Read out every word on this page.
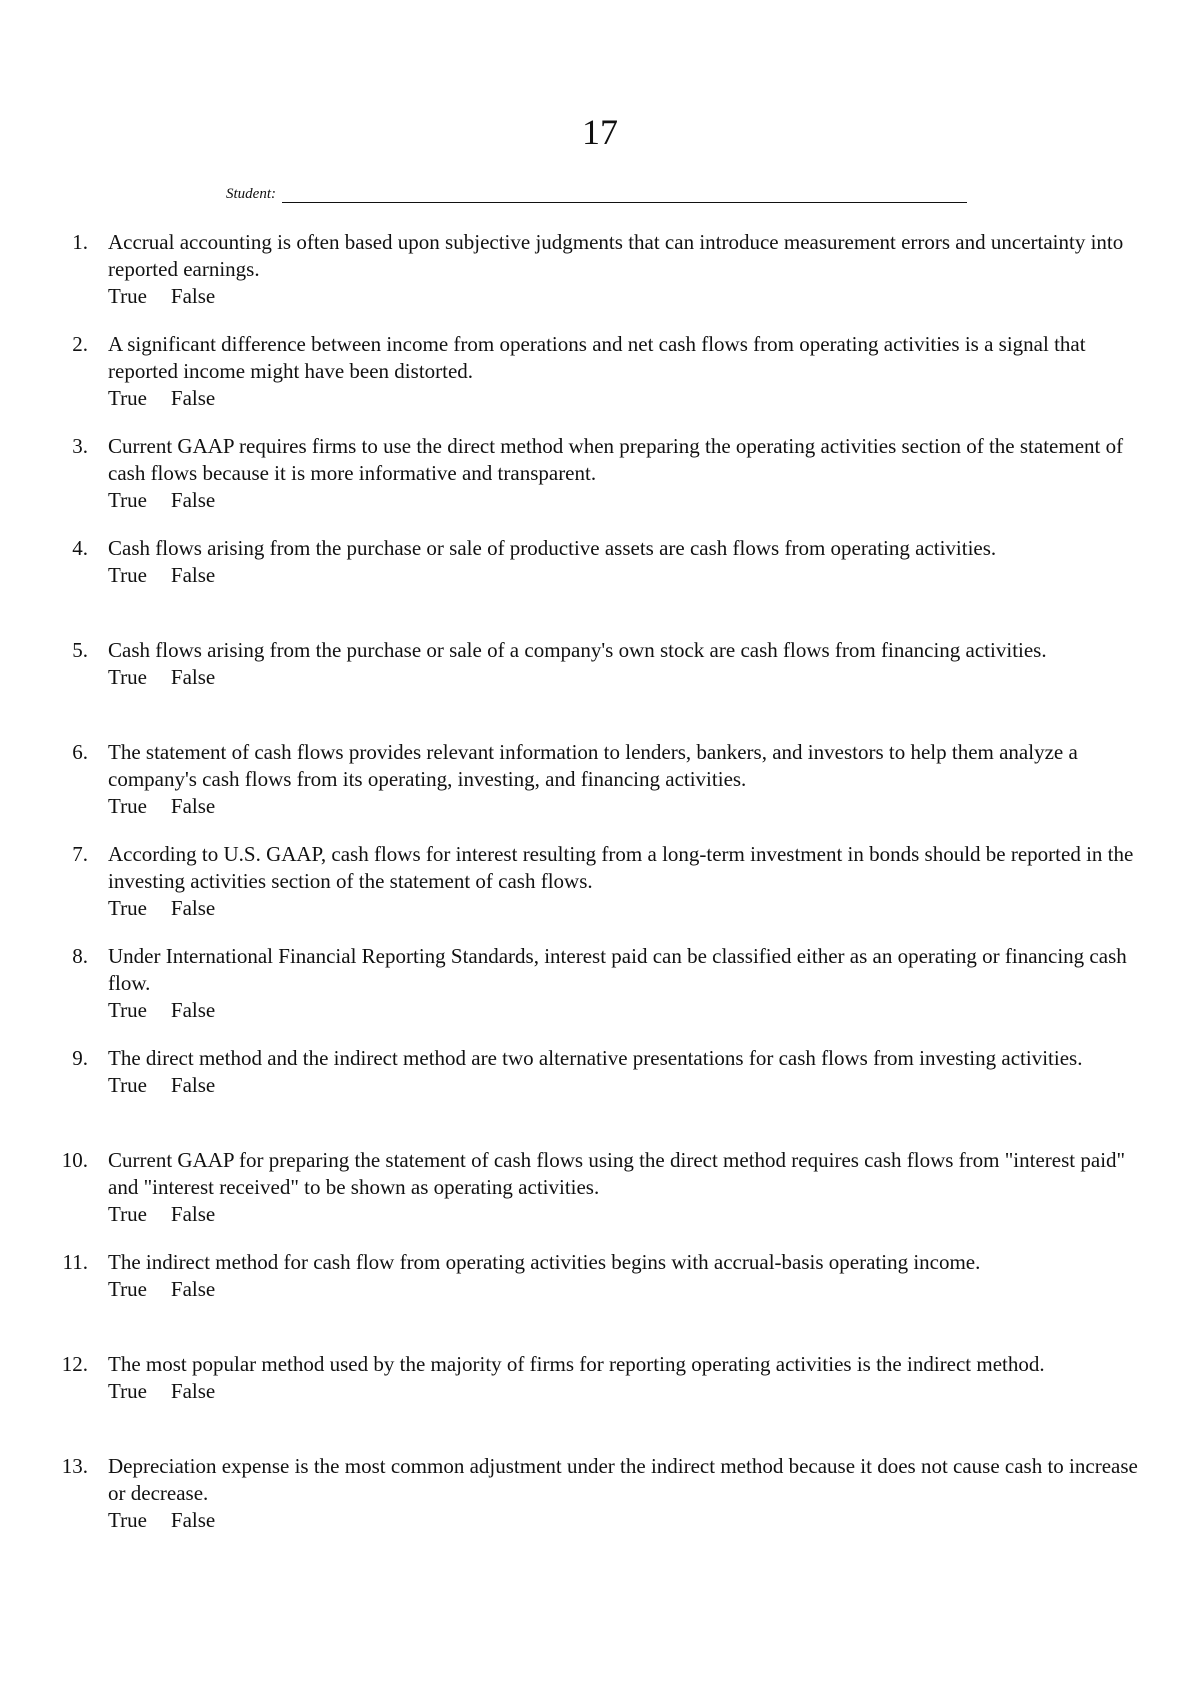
17
Student:
1. Accrual accounting is often based upon subjective judgments that can introduce measurement errors and uncertainty into reported earnings.

True False
2. A significant difference between income from operations and net cash flows from operating activities is a signal that reported income might have been distorted.

True False
3. Current GAAP requires firms to use the direct method when preparing the operating activities section of the statement of cash flows because it is more informative and transparent.

True False
4. Cash flows arising from the purchase or sale of productive assets are cash flows from operating activities.

True False
5. Cash flows arising from the purchase or sale of a company's own stock are cash flows from financing activities.

True False
6. The statement of cash flows provides relevant information to lenders, bankers, and investors to help them analyze a company's cash flows from its operating, investing, and financing activities.

True False
7. According to U.S. GAAP, cash flows for interest resulting from a long-term investment in bonds should be reported in the investing activities section of the statement of cash flows.

True False
8. Under International Financial Reporting Standards, interest paid can be classified either as an operating or financing cash flow.

True False
9. The direct method and the indirect method are two alternative presentations for cash flows from investing activities.

True False
10. Current GAAP for preparing the statement of cash flows using the direct method requires cash flows from "interest paid" and "interest received" to be shown as operating activities.

True False
11. The indirect method for cash flow from operating activities begins with accrual-basis operating income.

True False
12. The most popular method used by the majority of firms for reporting operating activities is the indirect method.

True False
13. Depreciation expense is the most common adjustment under the indirect method because it does not cause cash to increase or decrease.

True False
